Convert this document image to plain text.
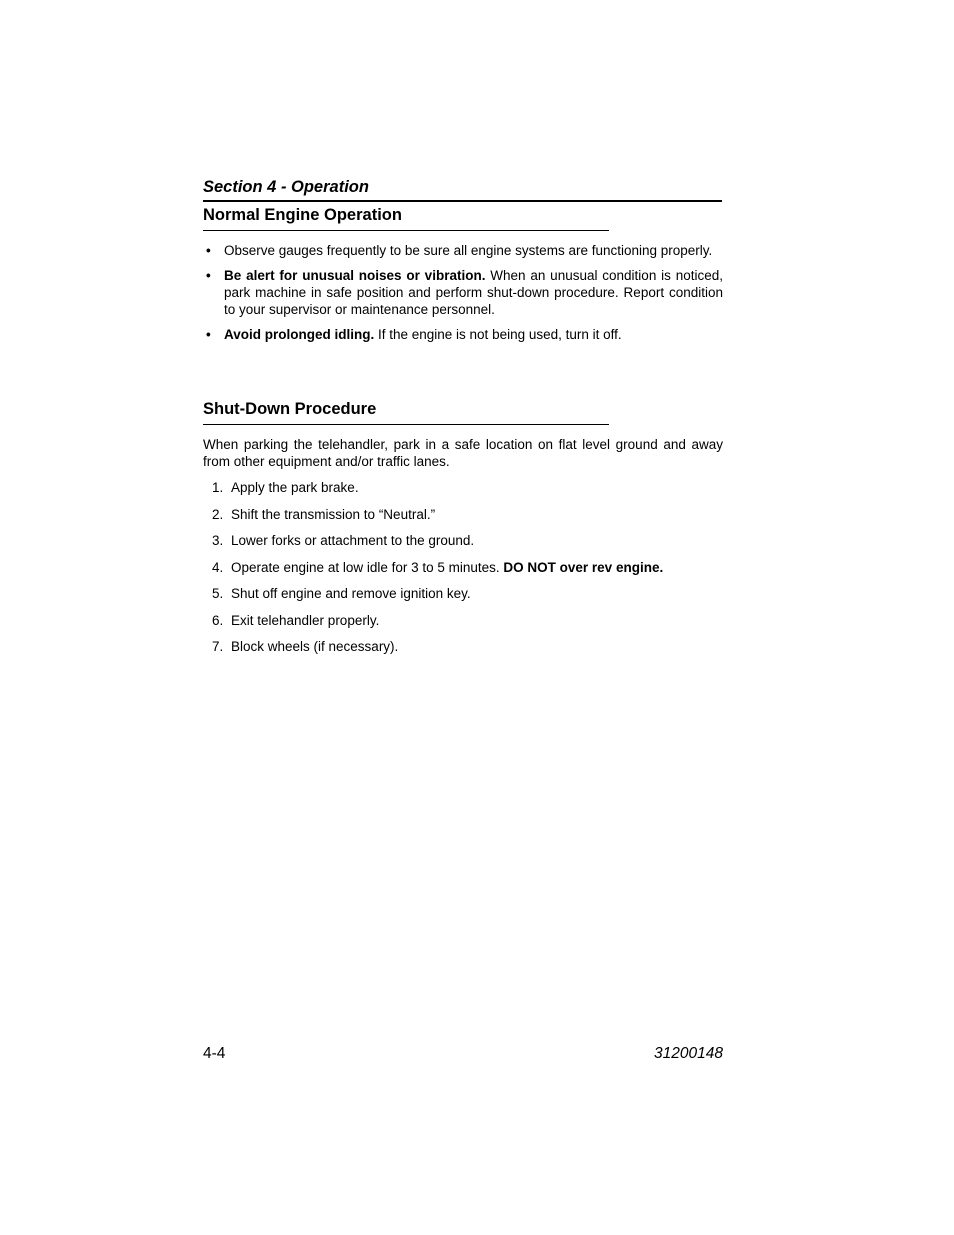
Section 4 - Operation
Normal Engine Operation
• Observe gauges frequently to be sure all engine systems are functioning properly.
• Be alert for unusual noises or vibration. When an unusual condition is noticed, park machine in safe position and perform shut-down procedure. Report condition to your supervisor or maintenance personnel.
• Avoid prolonged idling. If the engine is not being used, turn it off.
Shut-Down Procedure

When parking the telehandler, park in a safe location on flat level ground and away from other equipment and/or traffic lanes.

1. Apply the park brake.
2. Shift the transmission to “Neutral.”
3. Lower forks or attachment to the ground.
4. Operate engine at low idle for 3 to 5 minutes. DO NOT over rev engine.
5. Shut off engine and remove ignition key.
6. Exit telehandler properly.
7. Block wheels (if necessary).
4-4	31200148
